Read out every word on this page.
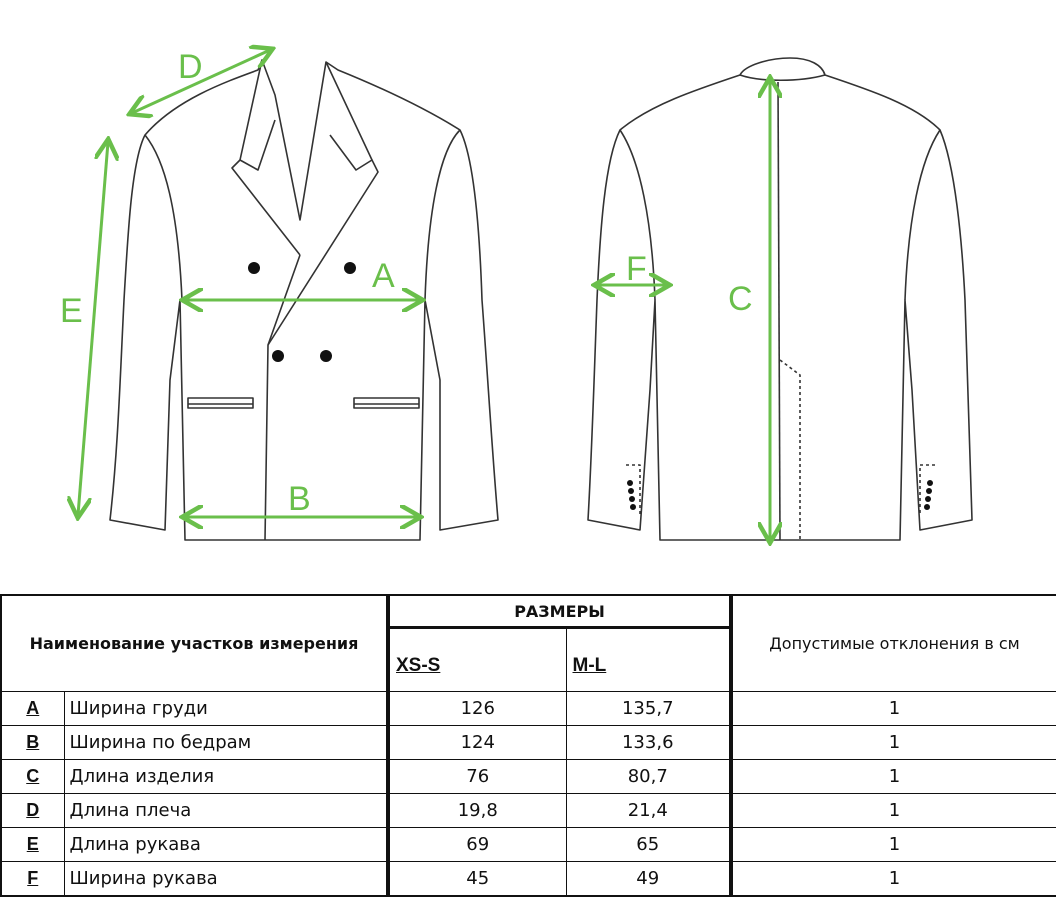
A
B
C
D
E
F
Наименование участков измерения		РАЗМЕРЫ		Допустимые отклонения в см
		XS-S	M-L	
A	Ширина груди	126	135,7	1
B	Ширина по бедрам	124	133,6	1
C	Длина изделия	76	80,7	1
D	Длина плеча	19,8	21,4	1
E	Длина рукава	69	65	1
F	Ширина рукава	45	49	1
